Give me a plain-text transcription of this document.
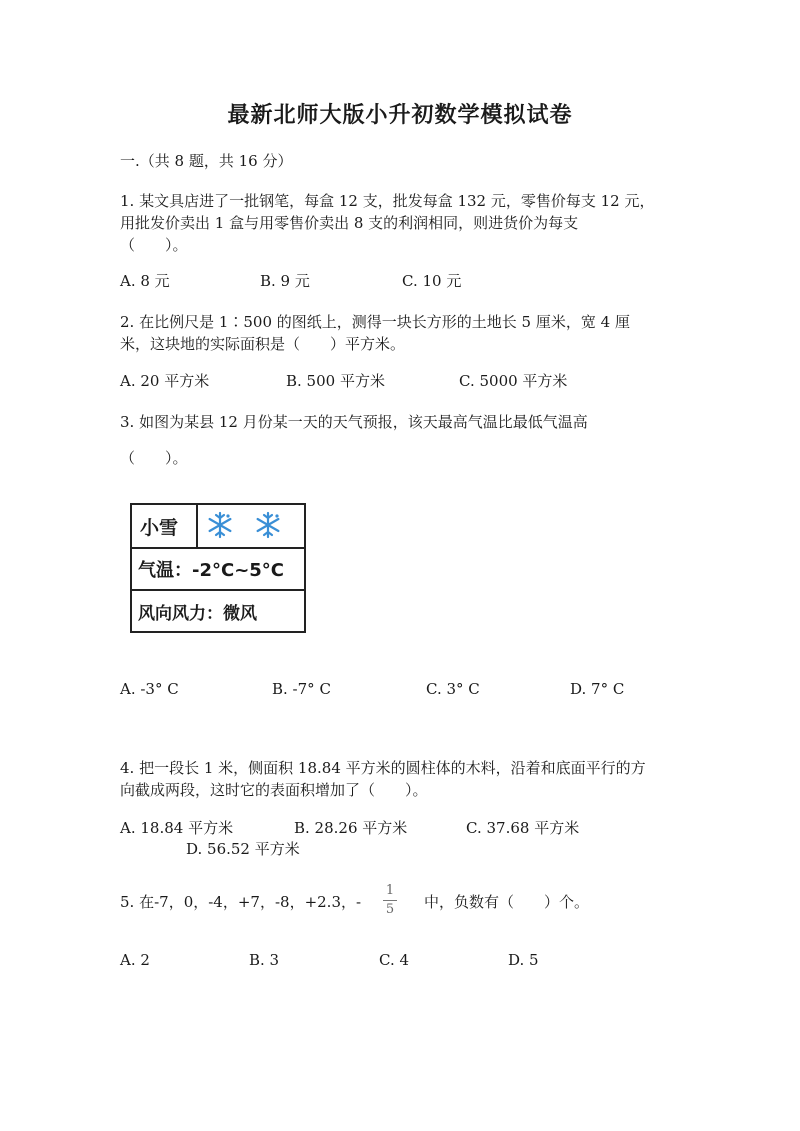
最新北师大版小升初数学模拟试卷
一.（共 8 题，共 16 分）
1. 某文具店进了一批钢笔，每盒 12 支，批发每盒 132 元，零售价每支 12 元，
用批发价卖出 1 盒与用零售价卖出 8 支的利润相同，则进货价为每支
（　　）。
A. 8 元	B. 9 元	C. 10 元
2. 在比例尺是 1∶500 的图纸上，测得一块长方形的土地长 5 厘米，宽 4 厘
米，这块地的实际面积是（　　）平方米。
A. 20 平方米	B. 500 平方米	C. 5000 平方米
3. 如图为某县 12 月份某一天的天气预报，该天最高气温比最低气温高
（　　）。
小雪
气温：-2°C~5°C
风向风力：微风
A. -3° C	B. -7° C	C. 3° C	D. 7° C
4. 把一段长 1 米，侧面积 18.84 平方米的圆柱体的木料，沿着和底面平行的方
向截成两段，这时它的表面积增加了（　　）。
A. 18.84 平方米	B. 28.26 平方米	C. 37.68 平方米
D. 56.52 平方米
5. 在-7，0，-4，+7，-8，+2.3，-
1
5 中，负数有（　　）个。
A. 2	B. 3	C. 4	D. 5
